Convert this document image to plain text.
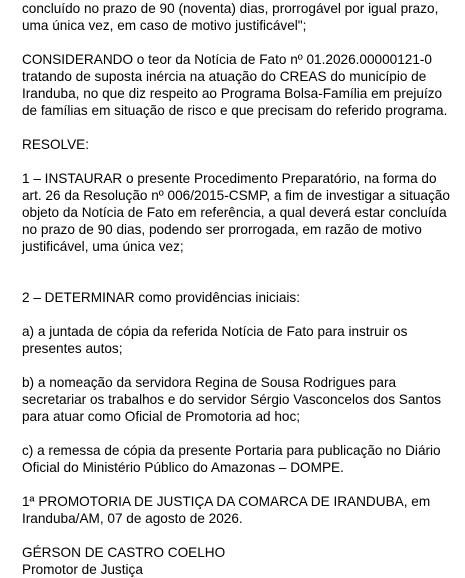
concluído no prazo de 90 (noventa) dias, prorrogável por igual prazo,
uma única vez, em caso de motivo justificável";
CONSIDERANDO o teor da Notícia de Fato nº 01.2026.00000121-0
tratando de suposta inércia na atuação do CREAS do município de
Iranduba, no que diz respeito ao Programa Bolsa-Família em prejuízo
de famílias em situação de risco e que precisam do referido programa.
RESOLVE:
1 – INSTAURAR o presente Procedimento Preparatório, na forma do
art. 26 da Resolução nº 006/2015-CSMP, a fim de investigar a situação
objeto da Notícia de Fato em referência, a qual deverá estar concluída
no prazo de 90 dias, podendo ser prorrogada, em razão de motivo
justificável, uma única vez;
2 – DETERMINAR como providências iniciais:
a) a juntada de cópia da referida Notícia de Fato para instruir os
presentes autos;
b) a nomeação da servidora Regina de Sousa Rodrigues para
secretariar os trabalhos e do servidor Sérgio Vasconcelos dos Santos
para atuar como Oficial de Promotoria ad hoc;
c) a remessa de cópia da presente Portaria para publicação no Diário
Oficial do Ministério Público do Amazonas – DOMPE.
1ª PROMOTORIA DE JUSTIÇA DA COMARCA DE IRANDUBA, em
Iranduba/AM, 07 de agosto de 2026.
GÉRSON DE CASTRO COELHO
Promotor de Justiça
